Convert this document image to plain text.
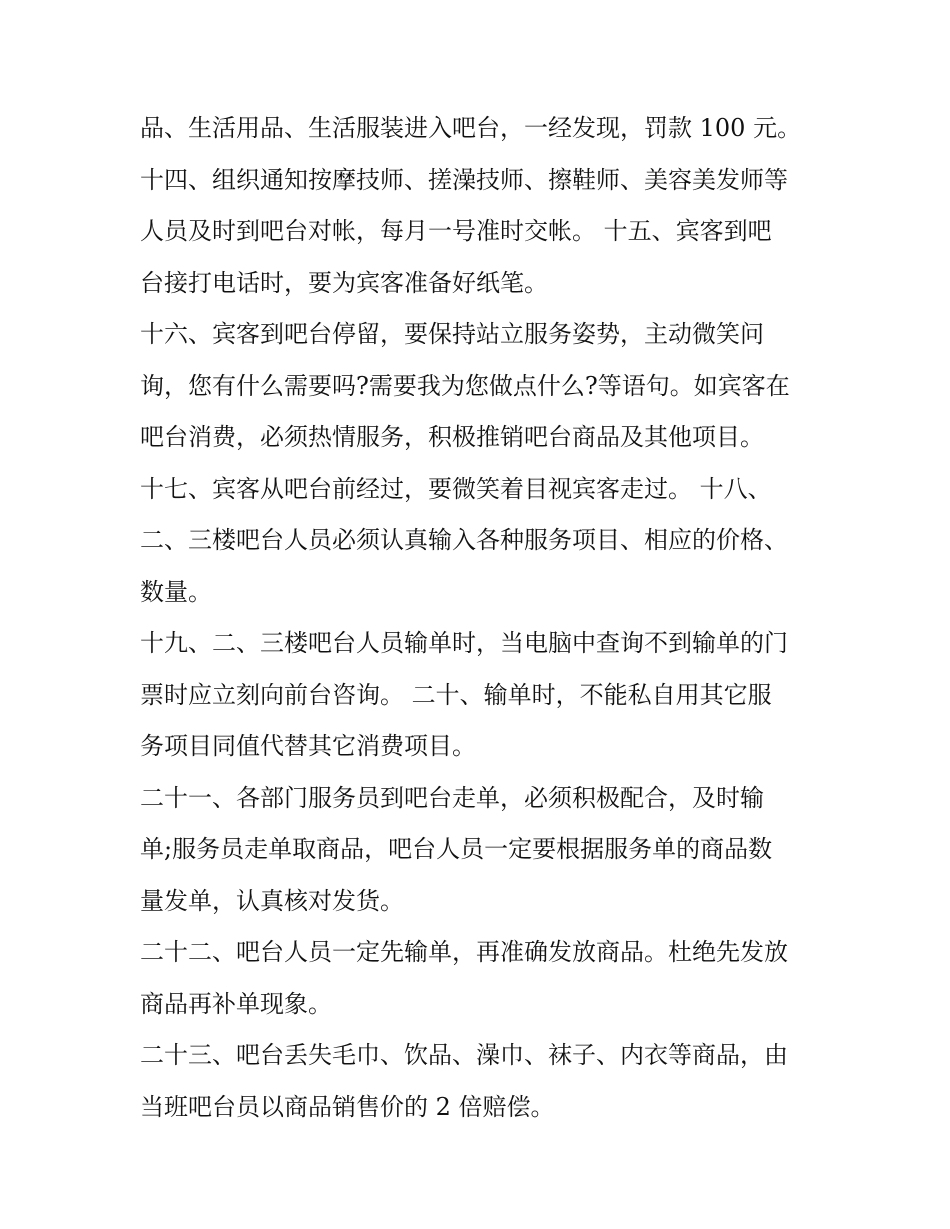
品、生活用品、生活服装进入吧台，一经发现，罚款 100 元。
十四、组织通知按摩技师、搓澡技师、擦鞋师、美容美发师等
人员及时到吧台对帐，每月一号准时交帐。 十五、宾客到吧
台接打电话时，要为宾客准备好纸笔。
十六、宾客到吧台停留，要保持站立服务姿势，主动微笑问
询，您有什么需要吗?需要我为您做点什么?等语句。如宾客在
吧台消费，必须热情服务，积极推销吧台商品及其他项目。
十七、宾客从吧台前经过，要微笑着目视宾客走过。 十八、
二、三楼吧台人员必须认真输入各种服务项目、相应的价格、
数量。
十九、二、三楼吧台人员输单时，当电脑中查询不到输单的门
票时应立刻向前台咨询。 二十、输单时，不能私自用其它服
务项目同值代替其它消费项目。
二十一、各部门服务员到吧台走单，必须积极配合，及时输
单;服务员走单取商品，吧台人员一定要根据服务单的商品数
量发单，认真核对发货。
二十二、吧台人员一定先输单，再准确发放商品。杜绝先发放
商品再补单现象。
二十三、吧台丢失毛巾、饮品、澡巾、袜子、内衣等商品，由
当班吧台员以商品销售价的 2 倍赔偿。
